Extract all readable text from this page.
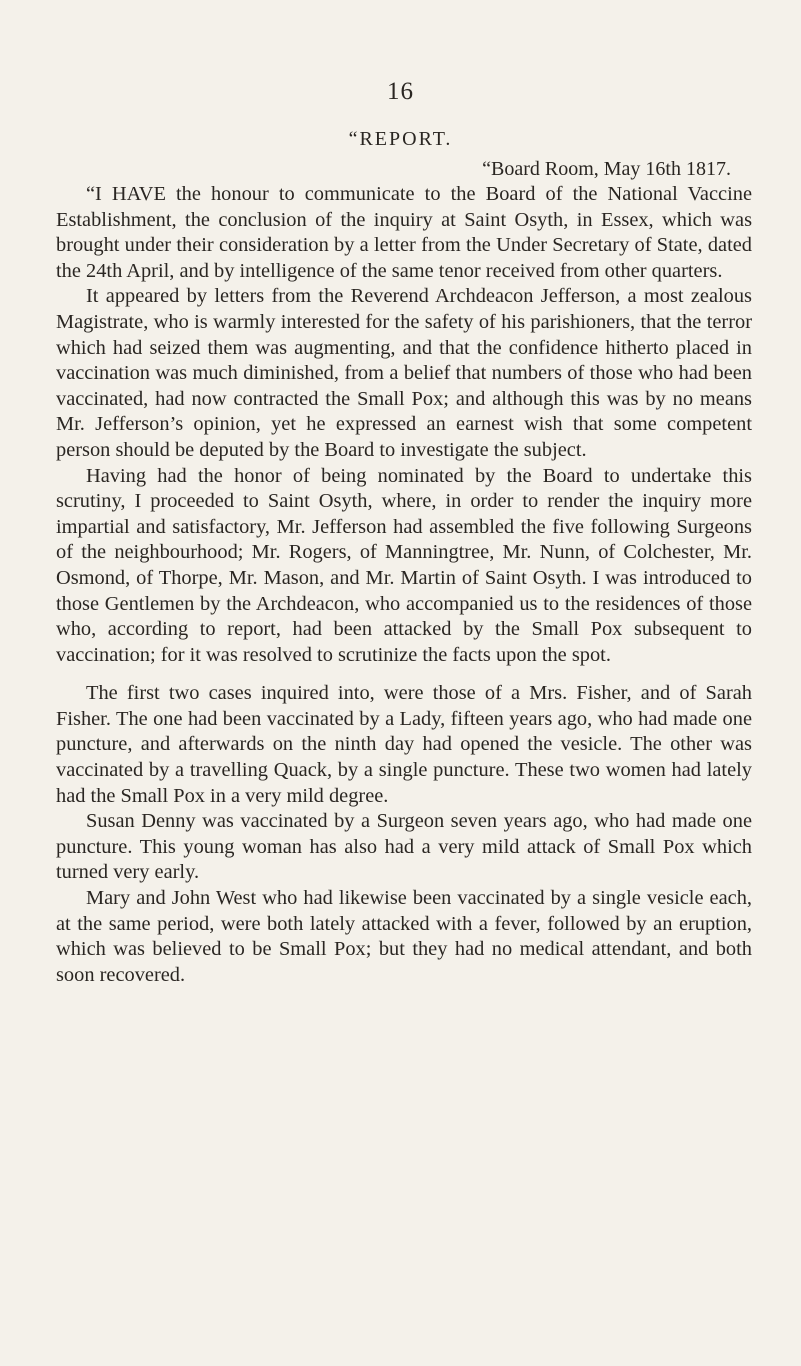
16
“REPORT.
“Board Room, May 16th 1817.

“I HAVE the honour to communicate to the Board of the National Vaccine Establishment, the conclusion of the inquiry at Saint Osyth, in Essex, which was brought under their consideration by a letter from the Under Secretary of State, dated the 24th April, and by intelligence of the same tenor received from other quarters.

It appeared by letters from the Reverend Archdeacon Jefferson, a most zealous Magistrate, who is warmly interested for the safety of his parishioners, that the terror which had seized them was augmenting, and that the confidence hitherto placed in vaccination was much diminished, from a belief that numbers of those who had been vaccinated, had now contracted the Small Pox; and although this was by no means Mr. Jefferson’s opinion, yet he expressed an earnest wish that some competent person should be deputed by the Board to investigate the subject.

Having had the honor of being nominated by the Board to undertake this scrutiny, I proceeded to Saint Osyth, where, in order to render the inquiry more impartial and satisfactory, Mr. Jefferson had assembled the five following Surgeons of the neighbourhood; Mr. Rogers, of Manningtree, Mr. Nunn, of Colchester, Mr. Osmond, of Thorpe, Mr. Mason, and Mr. Martin of Saint Osyth. I was introduced to those Gentlemen by the Archdeacon, who accompanied us to the residences of those who, according to report, had been attacked by the Small Pox subsequent to vaccination; for it was resolved to scrutinize the facts upon the spot.

The first two cases inquired into, were those of a Mrs. Fisher, and of Sarah Fisher. The one had been vaccinated by a Lady, fifteen years ago, who had made one puncture, and afterwards on the ninth day had opened the vesicle. The other was vaccinated by a travelling Quack, by a single puncture. These two women had lately had the Small Pox in a very mild degree.

Susan Denny was vaccinated by a Surgeon seven years ago, who had made one puncture. This young woman has also had a very mild attack of Small Pox which turned very early.

Mary and John West who had likewise been vaccinated by a single vesicle each, at the same period, were both lately attacked with a fever, followed by an eruption, which was believed to be Small Pox; but they had no medical attendant, and both soon recovered.
